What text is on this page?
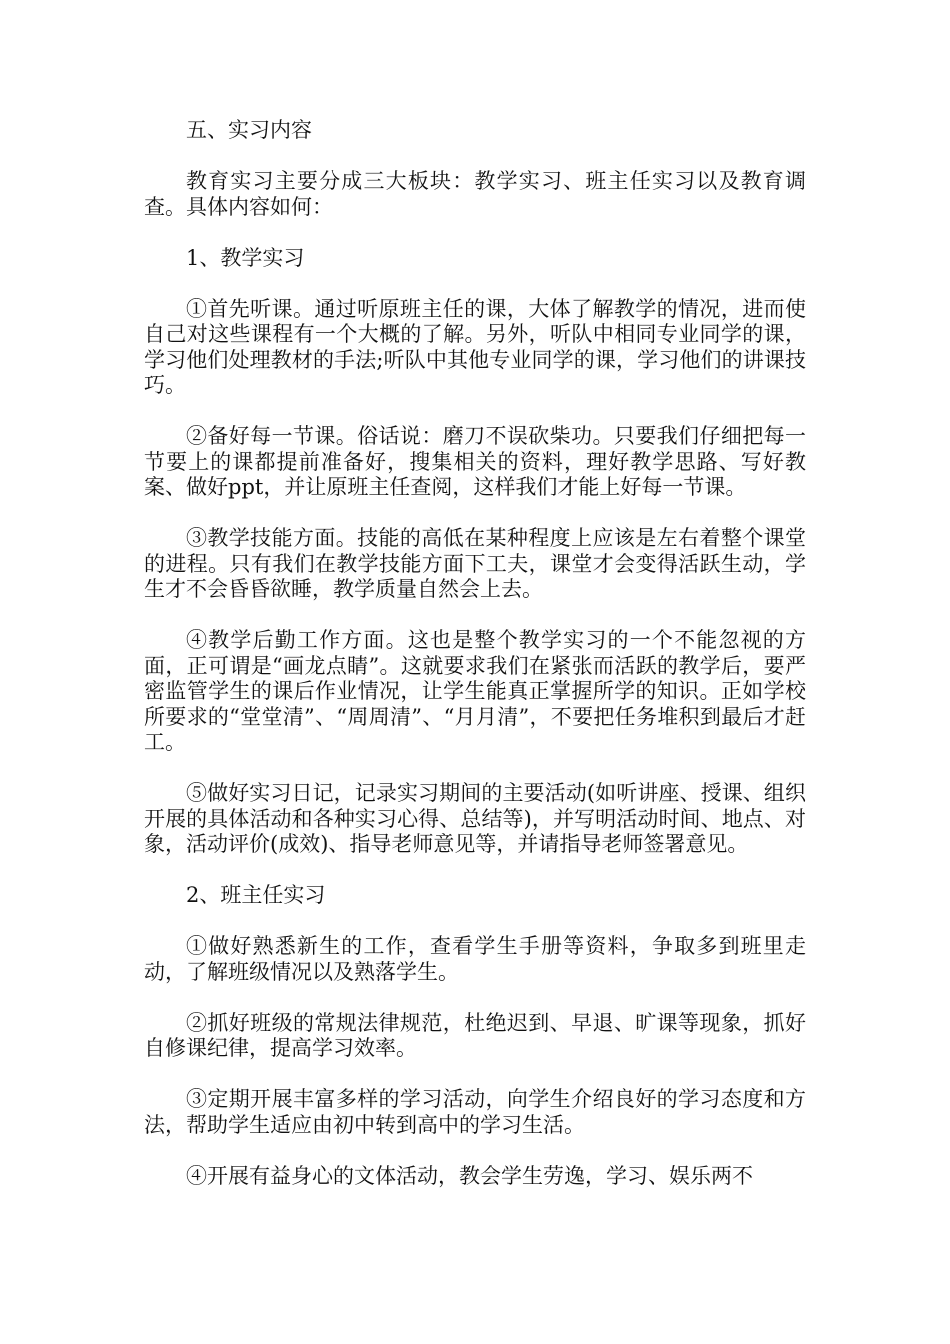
五、实习内容

教育实习主要分成三大板块：教学实习、班主任实习以及教育调查。具体内容如何：

1、教学实习

①首先听课。通过听原班主任的课，大体了解教学的情况，进而使自己对这些课程有一个大概的了解。另外，听队中相同专业同学的课，学习他们处理教材的手法;听队中其他专业同学的课，学习他们的讲课技巧。

②备好每一节课。俗话说：磨刀不误砍柴功。只要我们仔细把每一节要上的课都提前准备好，搜集相关的资料，理好教学思路、写好教案、做好ppt，并让原班主任查阅，这样我们才能上好每一节课。

③教学技能方面。技能的高低在某种程度上应该是左右着整个课堂的进程。只有我们在教学技能方面下工夫，课堂才会变得活跃生动，学生才不会昏昏欲睡，教学质量自然会上去。

④教学后勤工作方面。这也是整个教学实习的一个不能忽视的方面，正可谓是“画龙点睛”。这就要求我们在紧张而活跃的教学后，要严密监管学生的课后作业情况，让学生能真正掌握所学的知识。正如学校所要求的“堂堂清”、“周周清”、“月月清”，不要把任务堆积到最后才赶工。

⑤做好实习日记，记录实习期间的主要活动(如听讲座、授课、组织开展的具体活动和各种实习心得、总结等)，并写明活动时间、地点、对象，活动评价(成效)、指导老师意见等，并请指导老师签署意见。

2、班主任实习

①做好熟悉新生的工作，查看学生手册等资料，争取多到班里走动，了解班级情况以及熟落学生。

②抓好班级的常规法律规范，杜绝迟到、早退、旷课等现象，抓好自修课纪律，提高学习效率。

③定期开展丰富多样的学习活动，向学生介绍良好的学习态度和方法，帮助学生适应由初中转到高中的学习生活。

④开展有益身心的文体活动，教会学生劳逸，学习、娱乐两不
